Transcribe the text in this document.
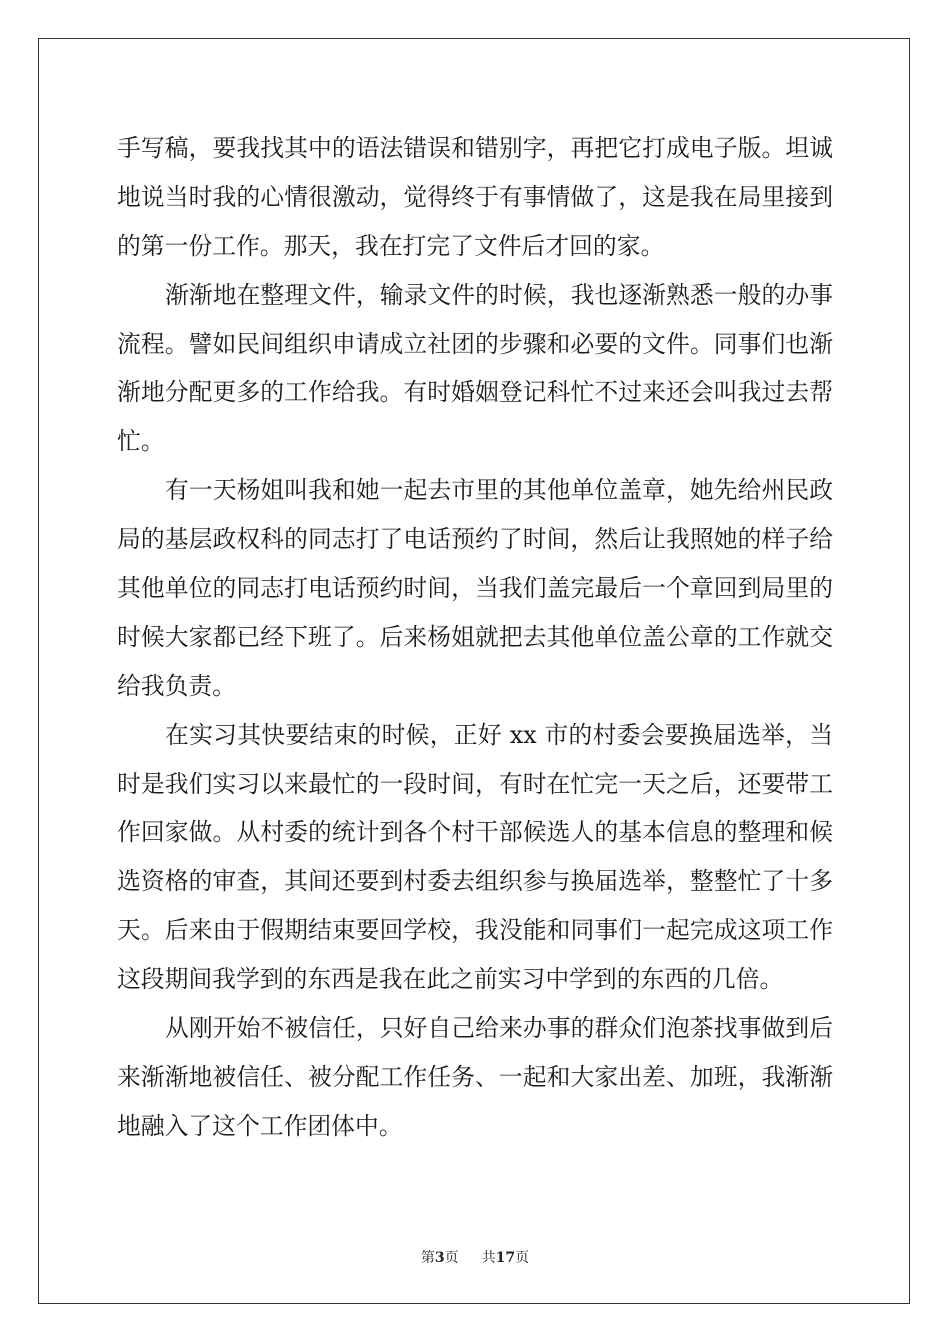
手写稿，要我找其中的语法错误和错别字，再把它打成电子版。坦诚
地说当时我的心情很激动，觉得终于有事情做了，这是我在局里接到
的第一份工作。那天，我在打完了文件后才回的家。
渐渐地在整理文件，输录文件的时候，我也逐渐熟悉一般的办事
流程。譬如民间组织申请成立社团的步骤和必要的文件。同事们也渐
渐地分配更多的工作给我。有时婚姻登记科忙不过来还会叫我过去帮
忙。
有一天杨姐叫我和她一起去市里的其他单位盖章，她先给州民政
局的基层政权科的同志打了电话预约了时间，然后让我照她的样子给
其他单位的同志打电话预约时间，当我们盖完最后一个章回到局里的
时候大家都已经下班了。后来杨姐就把去其他单位盖公章的工作就交
给我负责。
在实习其快要结束的时候，正好 xx 市的村委会要换届选举，当
时是我们实习以来最忙的一段时间，有时在忙完一天之后，还要带工
作回家做。从村委的统计到各个村干部候选人的基本信息的整理和候
选资格的审查，其间还要到村委去组织参与换届选举，整整忙了十多
天。后来由于假期结束要回学校，我没能和同事们一起完成这项工作
这段期间我学到的东西是我在此之前实习中学到的东西的几倍。
从刚开始不被信任，只好自己给来办事的群众们泡茶找事做到后
来渐渐地被信任、被分配工作任务、一起和大家出差、加班，我渐渐
地融入了这个工作团体中。
第3页 共17页
